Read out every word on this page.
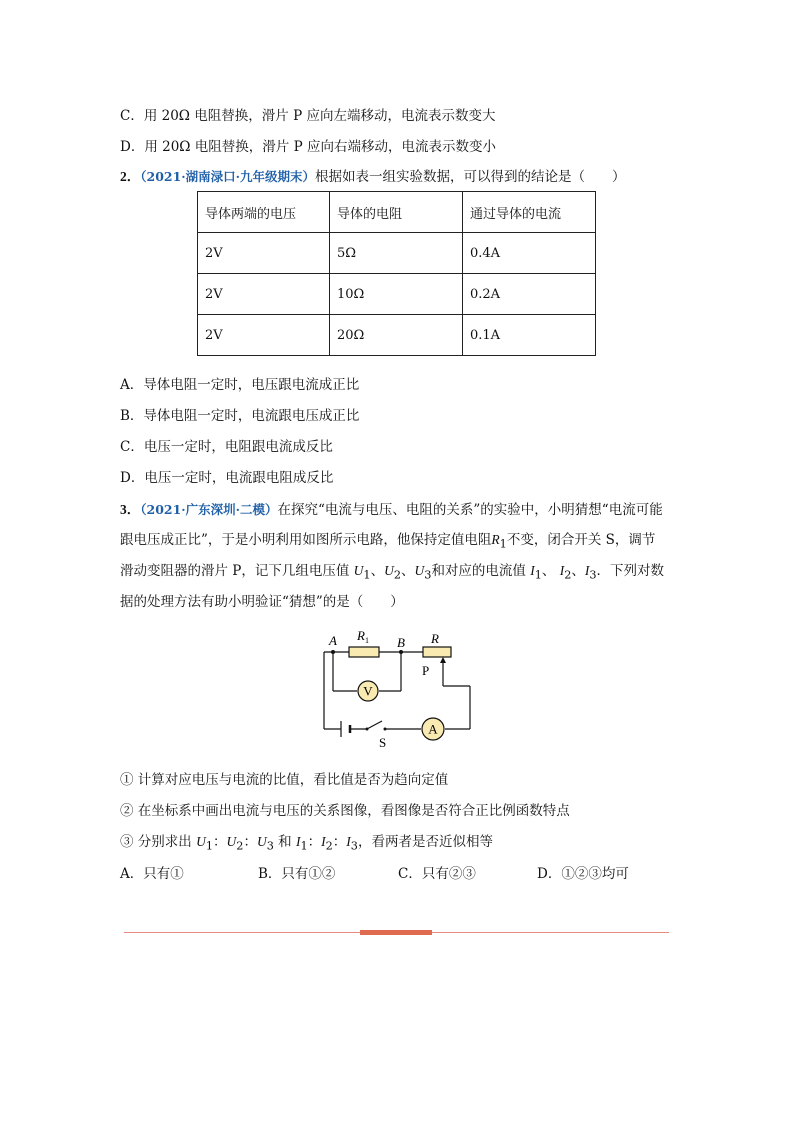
C．用 20Ω 电阻替换，滑片 P 应向左端移动，电流表示数变大
D．用 20Ω 电阻替换，滑片 P 应向右端移动，电流表示数变小
2．（2021·湖南渌口·九年级期末）根据如表一组实验数据，可以得到的结论是（　　）
导体两端的电压	导体的电阻	通过导体的电流
2V	5Ω	0.4A
2V	10Ω	0.2A
2V	20Ω	0.1A
A．导体电阻一定时，电压跟电流成正比
B．导体电阻一定时，电流跟电压成正比
C．电压一定时，电阻跟电流成反比
D．电压一定时，电流跟电阻成反比
3．（2021·广东深圳·二模）在探究“电流与电压、电阻的关系”的实验中，小明猜想“电流可能
跟电压成正比”，于是小明利用如图所示电路，他保持定值电阻$R_1$不变，闭合开关 S，调节
滑动变阻器的滑片 P，记下几组电压值 $U_1$、$U_2$、$U_3$和对应的电流值 $I_1$、 $I_2$、$I_3$．下列对数
据的处理方法有助小明验证“猜想”的是（　　）
V
A
A	B
$R_1$	R
P
S
① 计算对应电压与电流的比值，看比值是否为趋向定值
② 在坐标系中画出电流与电压的关系图像，看图像是否符合正比例函数特点
③ 分别求出 $U_1$：$U_2$：$U_3$ 和 $I_1$：$I_2$：$I_3$，看两者是否近似相等
A．只有①	B．只有①②	C．只有②③	D．①②③均可
